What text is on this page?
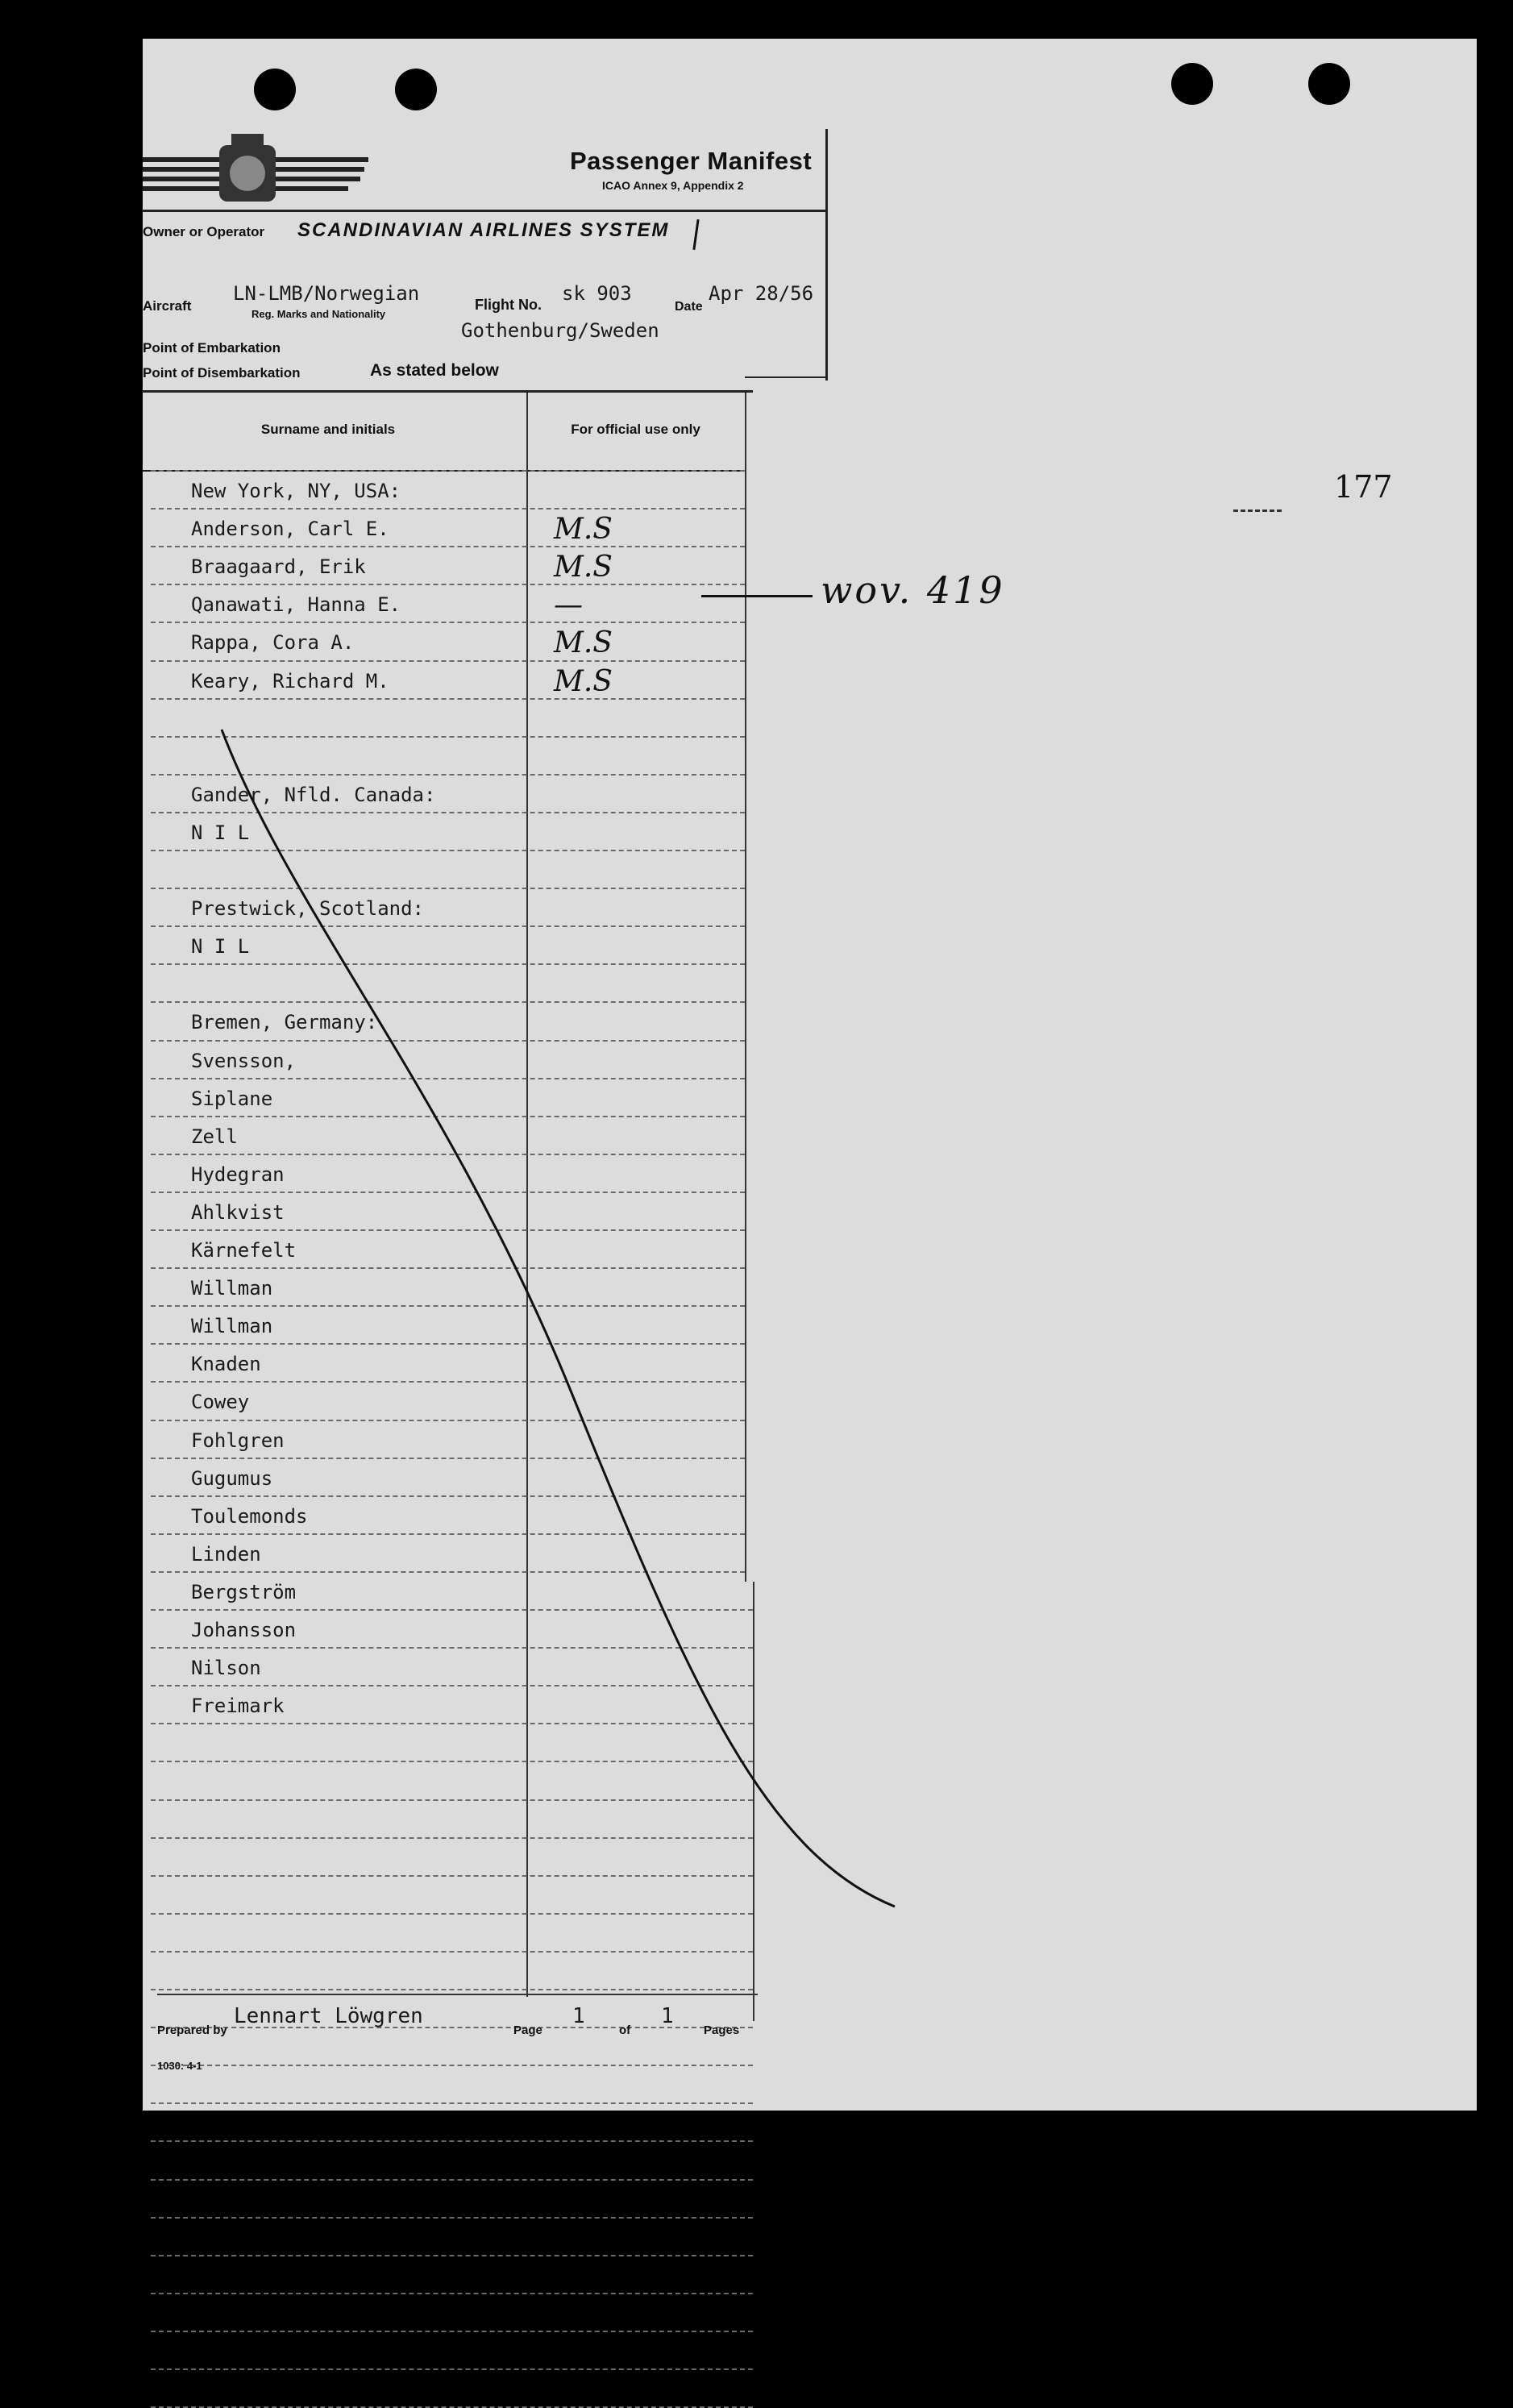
Passenger Manifest
ICAO Annex 9, Appendix 2
Owner or Operator SCANDINAVIAN AIRLINES SYSTEM
Aircraft
LN-LMB/Norwegian
Reg. Marks and Nationality
Flight No. sk 903
Date
Apr 28/56
Gothenburg/Sweden
Point of Embarkation
Point of Disembarkation	As stated below
Surname and initials	For official use only
New York, NY, USA:
Anderson, Carl E.	M.S
Braagaard, Erik	M.S
Qanawati, Hanna E.	—
Rappa, Cora A.	M.S
Keary, Richard M.	M.S
Gander, Nfld. Canada:
N I L
Prestwick, Scotland:
N I L
Bremen, Germany:
Svensson,
Siplane
Zell
Hydegran
Ahlkvist
Kärnefelt
Willman
Willman
Knaden
Cowey
Fohlgren
Gugumus
Toulemonds
Linden
Bergström
Johansson
Nilson
Freimark
177
wov. 419
Prepared by
Lennart Löwgren
Page
1
of
1
Pages
1030: 4-1
